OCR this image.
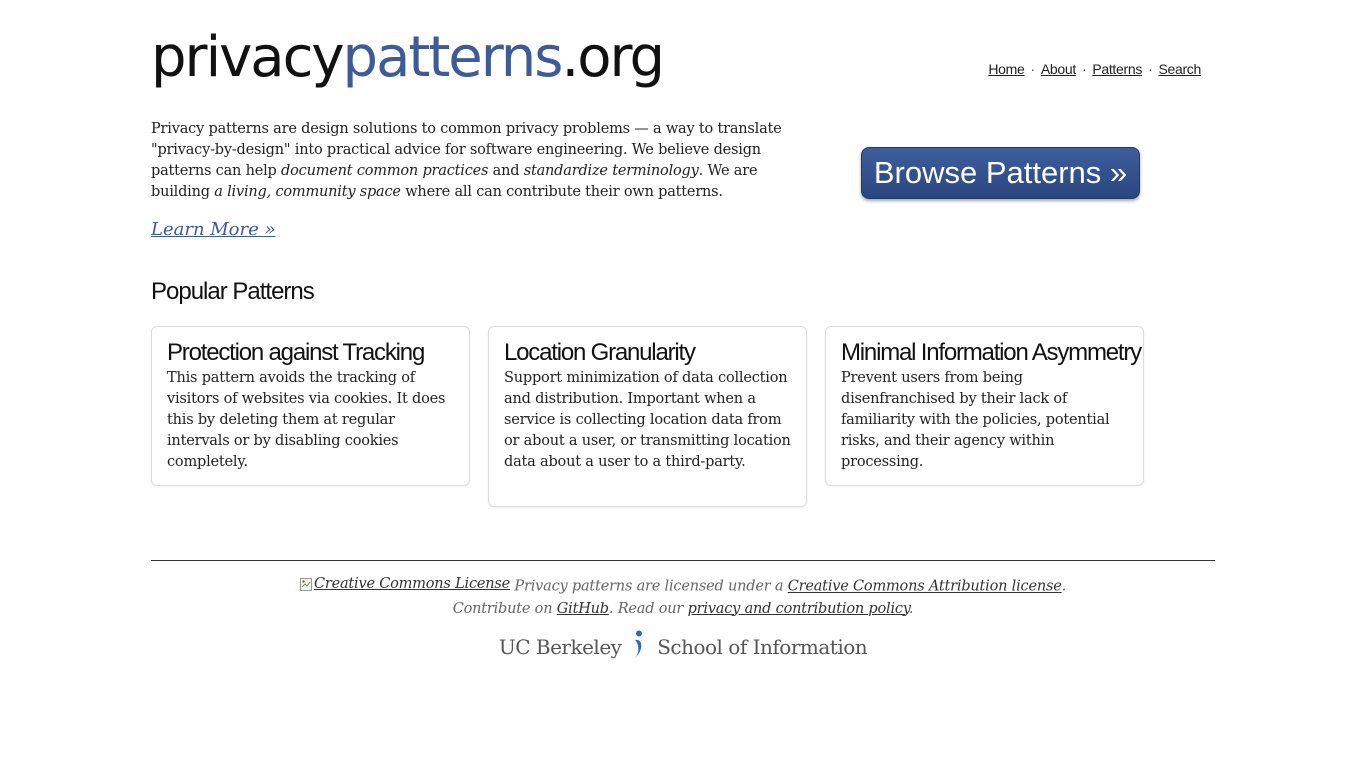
privacypatterns.org	Home · About · Patterns · Search
Privacy patterns are design solutions to common privacy problems — a way to translate "privacy-by-design" into practical advice for software engineering. We believe design patterns can help document common practices and standardize terminology. We are building a living, community space where all can contribute their own patterns.
Learn More »
Browse Patterns »
Popular Patterns
Protection against Tracking
This pattern avoids the tracking of visitors of websites via cookies. It does this by deleting them at regular intervals or by disabling cookies completely.
Location Granularity
Support minimization of data collection and distribution. Important when a service is collecting location data from or about a user, or transmitting location data about a user to a third-party.
Minimal Information Asymmetry
Prevent users from being disenfranchised by their lack of familiarity with the policies, potential risks, and their agency within processing.
Creative Commons License Privacy patterns are licensed under a Creative Commons Attribution license.
Contribute on GitHub. Read our privacy and contribution policy.
UC Berkeley School of Information
